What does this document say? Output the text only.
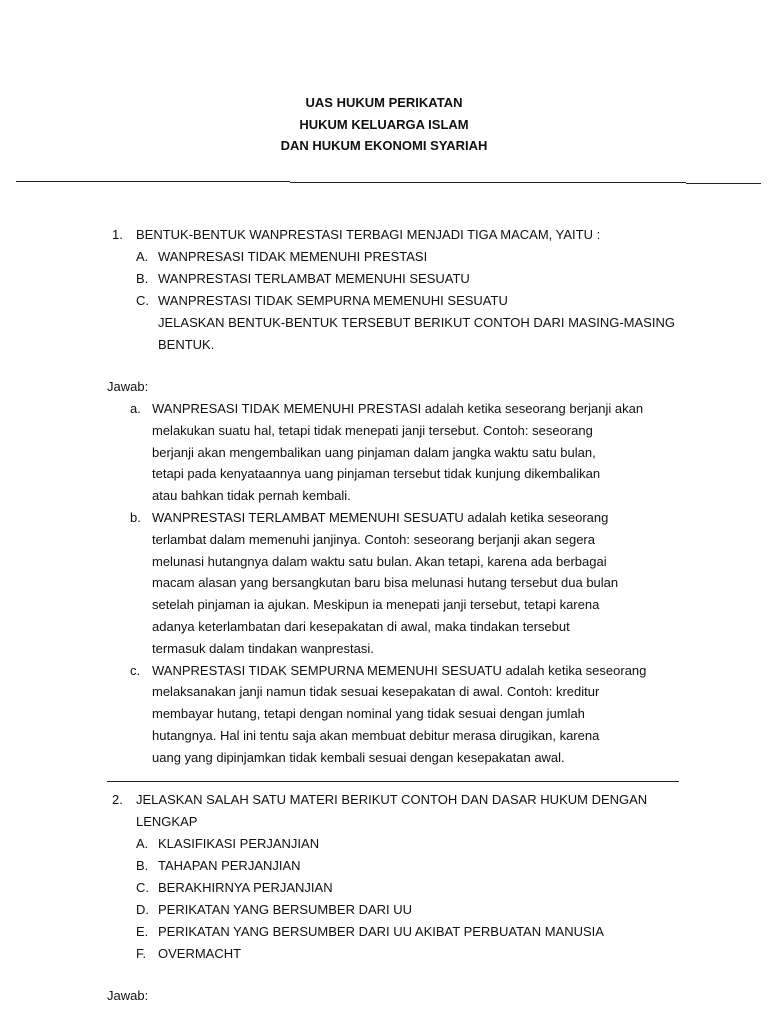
UAS HUKUM PERIKATAN
HUKUM KELUARGA ISLAM
DAN HUKUM EKONOMI SYARIAH
1. BENTUK-BENTUK WANPRESTASI TERBAGI MENJADI TIGA MACAM, YAITU :
A. WANPRESASI TIDAK MEMENUHI PRESTASI
B. WANPRESTASI TERLAMBAT MEMENUHI SESUATU
C. WANPRESTASI TIDAK SEMPURNA MEMENUHI SESUATU
JELASKAN BENTUK-BENTUK TERSEBUT BERIKUT CONTOH DARI MASING-MASING
BENTUK.
Jawab:
a. WANPRESASI TIDAK MEMENUHI PRESTASI adalah ketika seseorang berjanji akan
melakukan suatu hal, tetapi tidak menepati janji tersebut. Contoh: seseorang
berjanji akan mengembalikan uang pinjaman dalam jangka waktu satu bulan,
tetapi pada kenyataannya uang pinjaman tersebut tidak kunjung dikembalikan
atau bahkan tidak pernah kembali.
b. WANPRESTASI TERLAMBAT MEMENUHI SESUATU adalah ketika seseorang
terlambat dalam memenuhi janjinya. Contoh: seseorang berjanji akan segera
melunasi hutangnya dalam waktu satu bulan. Akan tetapi, karena ada berbagai
macam alasan yang bersangkutan baru bisa melunasi hutang tersebut dua bulan
setelah pinjaman ia ajukan. Meskipun ia menepati janji tersebut, tetapi karena
adanya keterlambatan dari kesepakatan di awal, maka tindakan tersebut
termasuk dalam tindakan wanprestasi.
c. WANPRESTASI TIDAK SEMPURNA MEMENUHI SESUATU adalah ketika seseorang
melaksanakan janji namun tidak sesuai kesepakatan di awal. Contoh: kreditur
membayar hutang, tetapi dengan nominal yang tidak sesuai dengan jumlah
hutangnya. Hal ini tentu saja akan membuat debitur merasa dirugikan, karena
uang yang dipinjamkan tidak kembali sesuai dengan kesepakatan awal.
2. JELASKAN SALAH SATU MATERI BERIKUT CONTOH DAN DASAR HUKUM DENGAN
LENGKAP
A. KLASIFIKASI PERJANJIAN
B. TAHAPAN PERJANJIAN
C. BERAKHIRNYA PERJANJIAN
D. PERIKATAN YANG BERSUMBER DARI UU
E. PERIKATAN YANG BERSUMBER DARI UU AKIBAT PERBUATAN MANUSIA
F. OVERMACHT
Jawab:
